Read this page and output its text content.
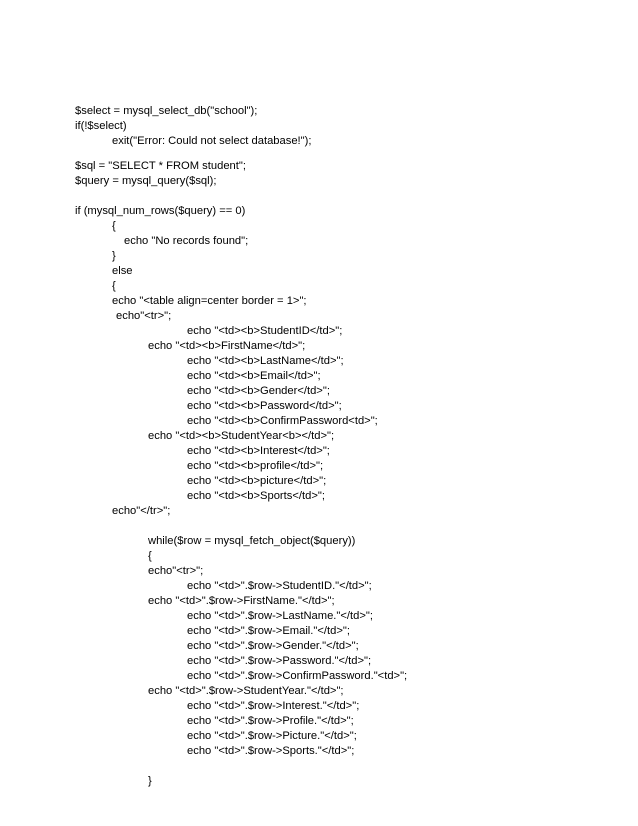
$select = mysql_select_db("school");
if(!$select)
exit("Error: Could not select database!");
$sql = "SELECT * FROM student";
$query = mysql_query($sql);
if (mysql_num_rows($query) == 0)
{
echo "No records found";
}
else
{
echo "<table align=center border = 1>";
echo"<tr>";
echo "<td><b>StudentID</td>";
echo "<td><b>FirstName</td>";
echo "<td><b>LastName</td>";
echo "<td><b>Email</td>";
echo "<td><b>Gender</td>";
echo "<td><b>Password</td>";
echo "<td><b>ConfirmPassword<td>";
echo "<td><b>StudentYear<b></td>";
echo "<td><b>Interest</td>";
echo "<td><b>profile</td>";
echo "<td><b>picture</td>";
echo "<td><b>Sports</td>";
echo"</tr>";
while($row = mysql_fetch_object($query))
{
echo"<tr>";
echo "<td>".$row->StudentID."</td>";
echo "<td>".$row->FirstName."</td>";
echo "<td>".$row->LastName."</td>";
echo "<td>".$row->Email."</td>";
echo "<td>".$row->Gender."</td>";
echo "<td>".$row->Password."</td>";
echo "<td>".$row->ConfirmPassword."<td>";
echo "<td>".$row->StudentYear."</td>";
echo "<td>".$row->Interest."</td>";
echo "<td>".$row->Profile."</td>";
echo "<td>".$row->Picture."</td>";
echo "<td>".$row->Sports."</td>";
}
